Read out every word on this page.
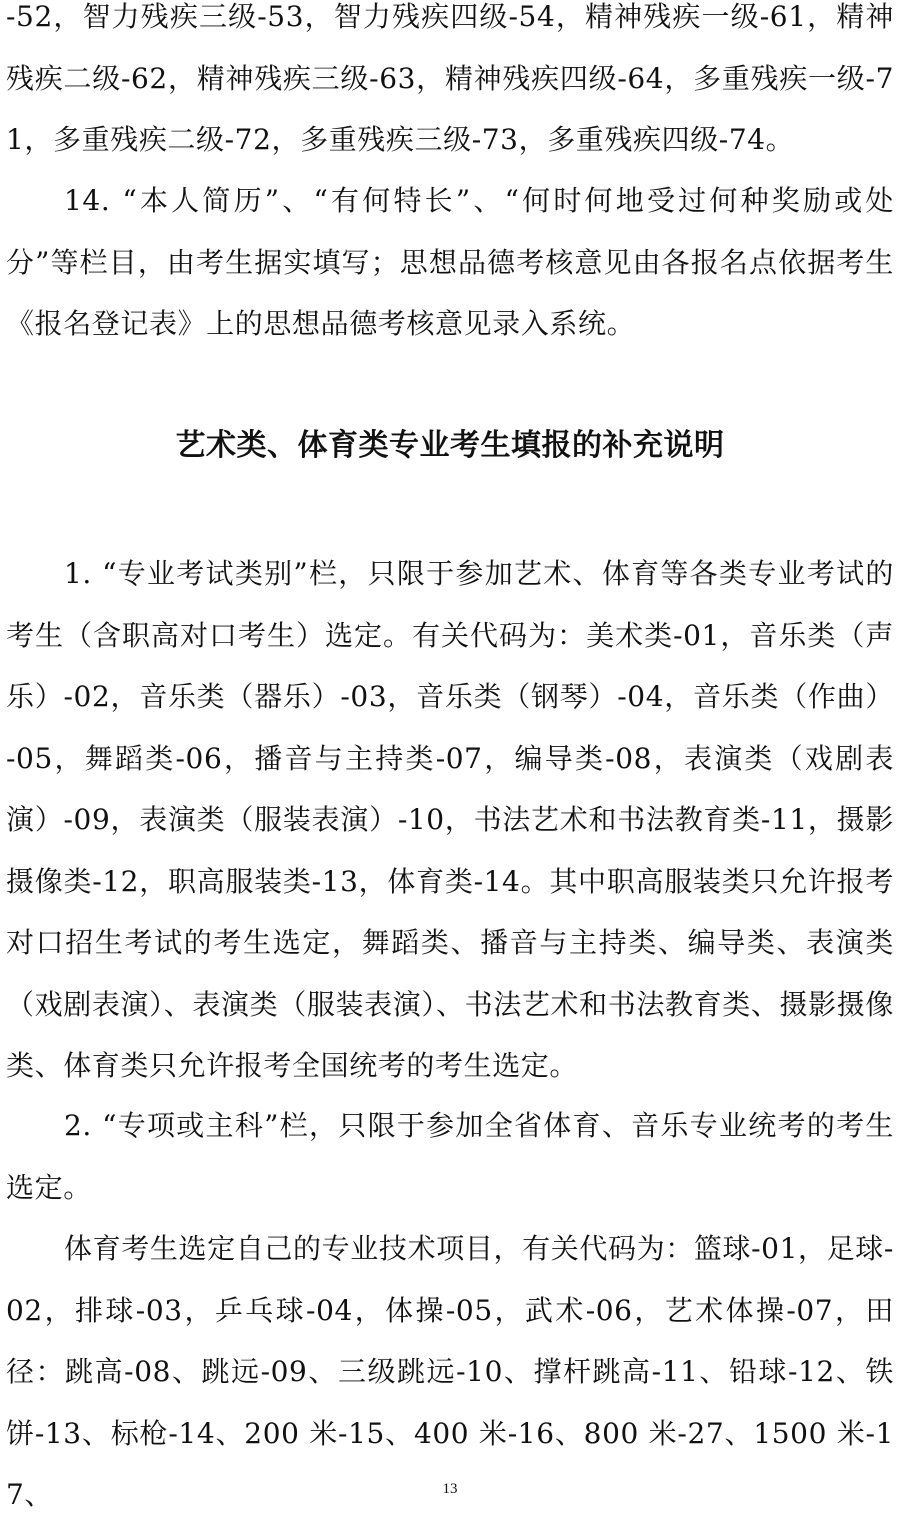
-52，智力残疾三级-53，智力残疾四级-54，精神残疾一级-61，精神残疾二级-62，精神残疾三级-63，精神残疾四级-64，多重残疾一级-71，多重残疾二级-72，多重残疾三级-73，多重残疾四级-74。

14. “本人简历”、“有何特长”、“何时何地受过何种奖励或处分”等栏目，由考生据实填写；思想品德考核意见由各报名点依据考生《报名登记表》上的思想品德考核意见录入系统。

艺术类、体育类专业考生填报的补充说明

1. “专业考试类别”栏，只限于参加艺术、体育等各类专业考试的考生（含职高对口考生）选定。有关代码为：美术类-01，音乐类（声乐）-02，音乐类（器乐）-03，音乐类（钢琴）-04，音乐类（作曲）-05，舞蹈类-06，播音与主持类-07，编导类-08，表演类（戏剧表演）-09，表演类（服装表演）-10，书法艺术和书法教育类-11，摄影摄像类-12，职高服装类-13，体育类-14。其中职高服装类只允许报考对口招生考试的考生选定，舞蹈类、播音与主持类、编导类、表演类（戏剧表演）、表演类（服装表演）、书法艺术和书法教育类、摄影摄像类、体育类只允许报考全国统考的考生选定。

2. “专项或主科”栏，只限于参加全省体育、音乐专业统考的考生选定。

体育考生选定自己的专业技术项目，有关代码为：篮球-01，足球-02，排球-03，乒乓球-04，体操-05，武术-06，艺术体操-07，田径：跳高-08、跳远-09、三级跳远-10、撑杆跳高-11、铅球-12、铁饼-13、标枪-14、200 米-15、400 米-16、800 米-27、1500 米-17、	13
